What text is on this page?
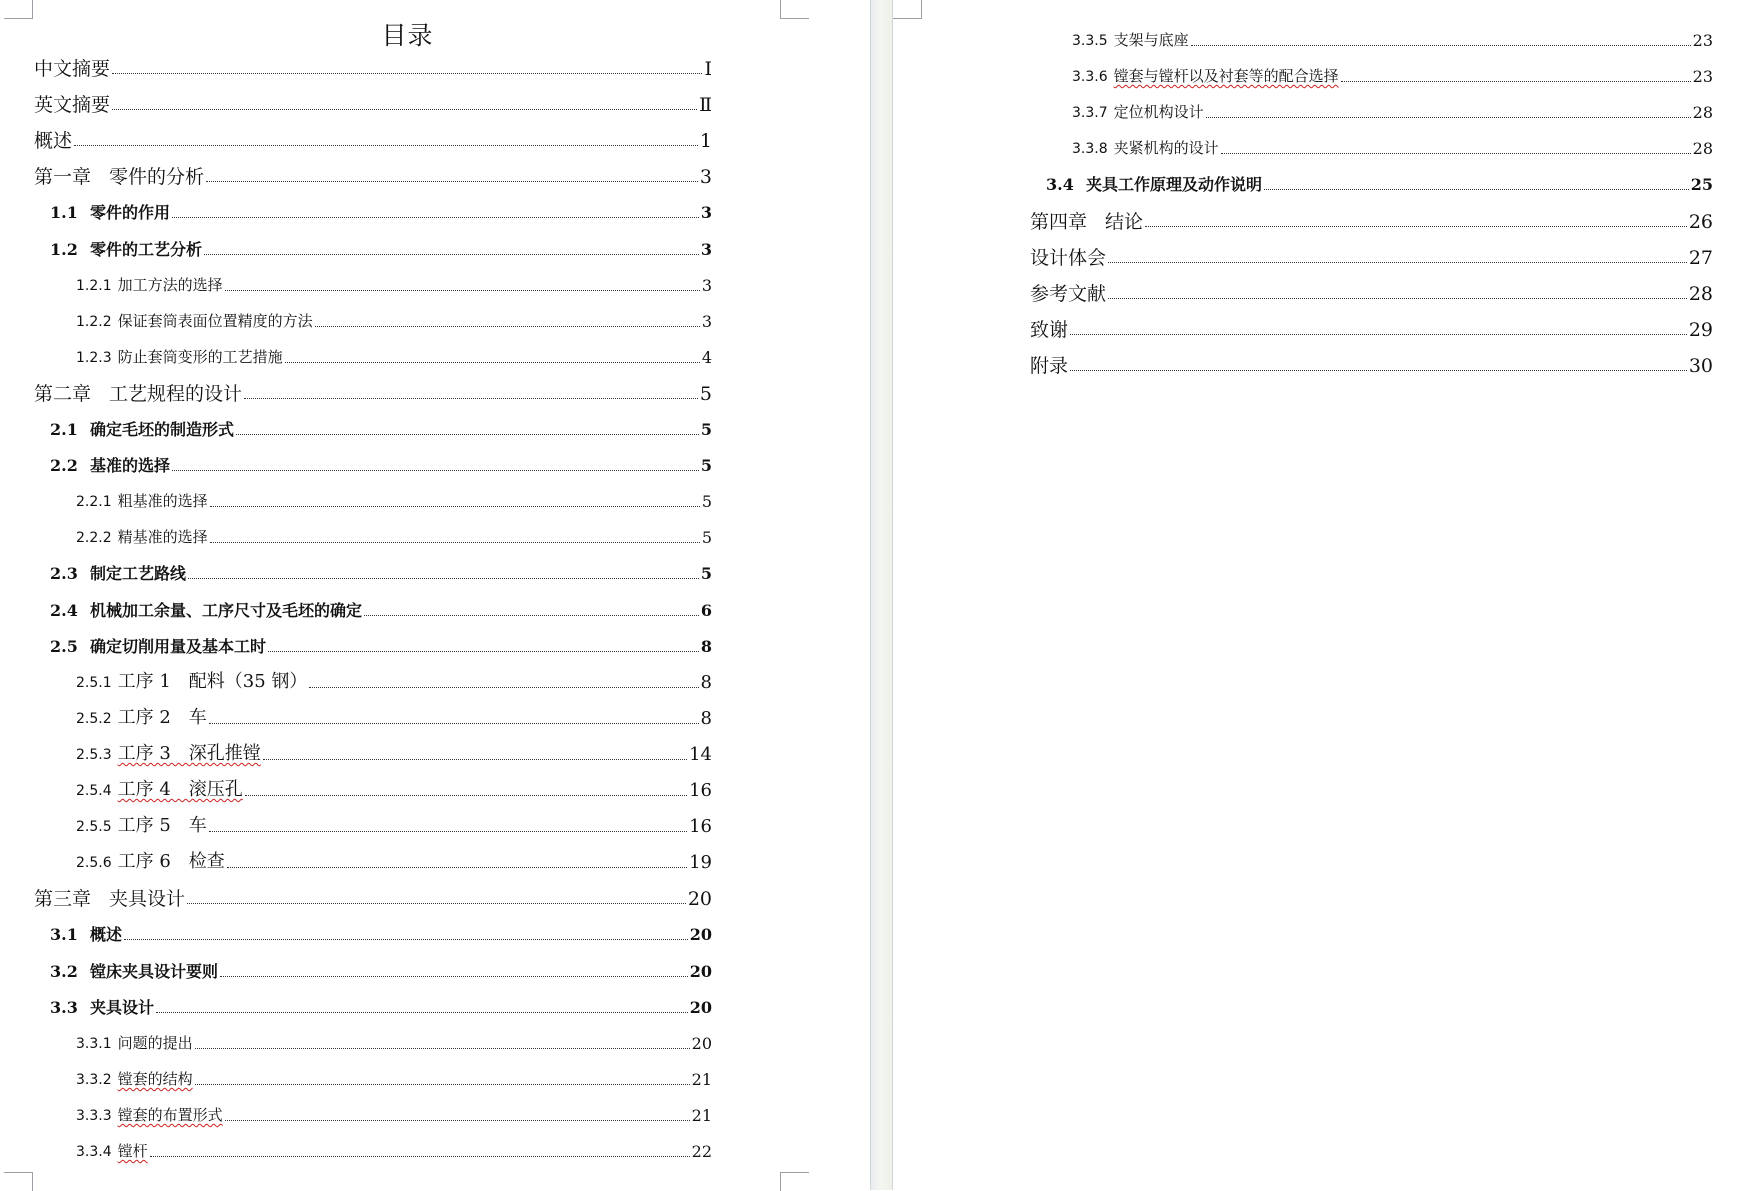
目录
中文摘要	Ⅰ
英文摘要	Ⅱ
概述	1
第一章 零件的分析	3
1.1 零件的作用	3
1.2 零件的工艺分析	3
1.2.1 加工方法的选择	3
1.2.2 保证套筒表面位置精度的方法	3
1.2.3 防止套筒变形的工艺措施	4
第二章 工艺规程的设计	5
2.1 确定毛坯的制造形式	5
2.2 基准的选择	5
2.2.1 粗基准的选择	5
2.2.2 精基准的选择	5
2.3 制定工艺路线	5
2.4 机械加工余量、工序尺寸及毛坯的确定	6
2.5 确定切削用量及基本工时	8
2.5.1 工序 1　配料（35 钢）	8
2.5.2 工序 2　车	8
2.5.3 工序 3　深孔推镗	14
2.5.4 工序 4　滚压孔	16
2.5.5 工序 5　车	16
2.5.6 工序 6　检查	19
第三章 夹具设计	20
3.1 概述	20
3.2 镗床夹具设计要则	20
3.3 夹具设计	20
3.3.1 问题的提出	20
3.3.2 镗套的结构	21
3.3.3 镗套的布置形式	21
3.3.4 镗杆	22
3.3.5 支架与底座	23
3.3.6 镗套与镗杆以及衬套等的配合选择	23
3.3.7 定位机构设计	28
3.3.8 夹紧机构的设计	28
3.4 夹具工作原理及动作说明	25
第四章 结论	26
设计体会	27
参考文献	28
致谢	29
附录	30
